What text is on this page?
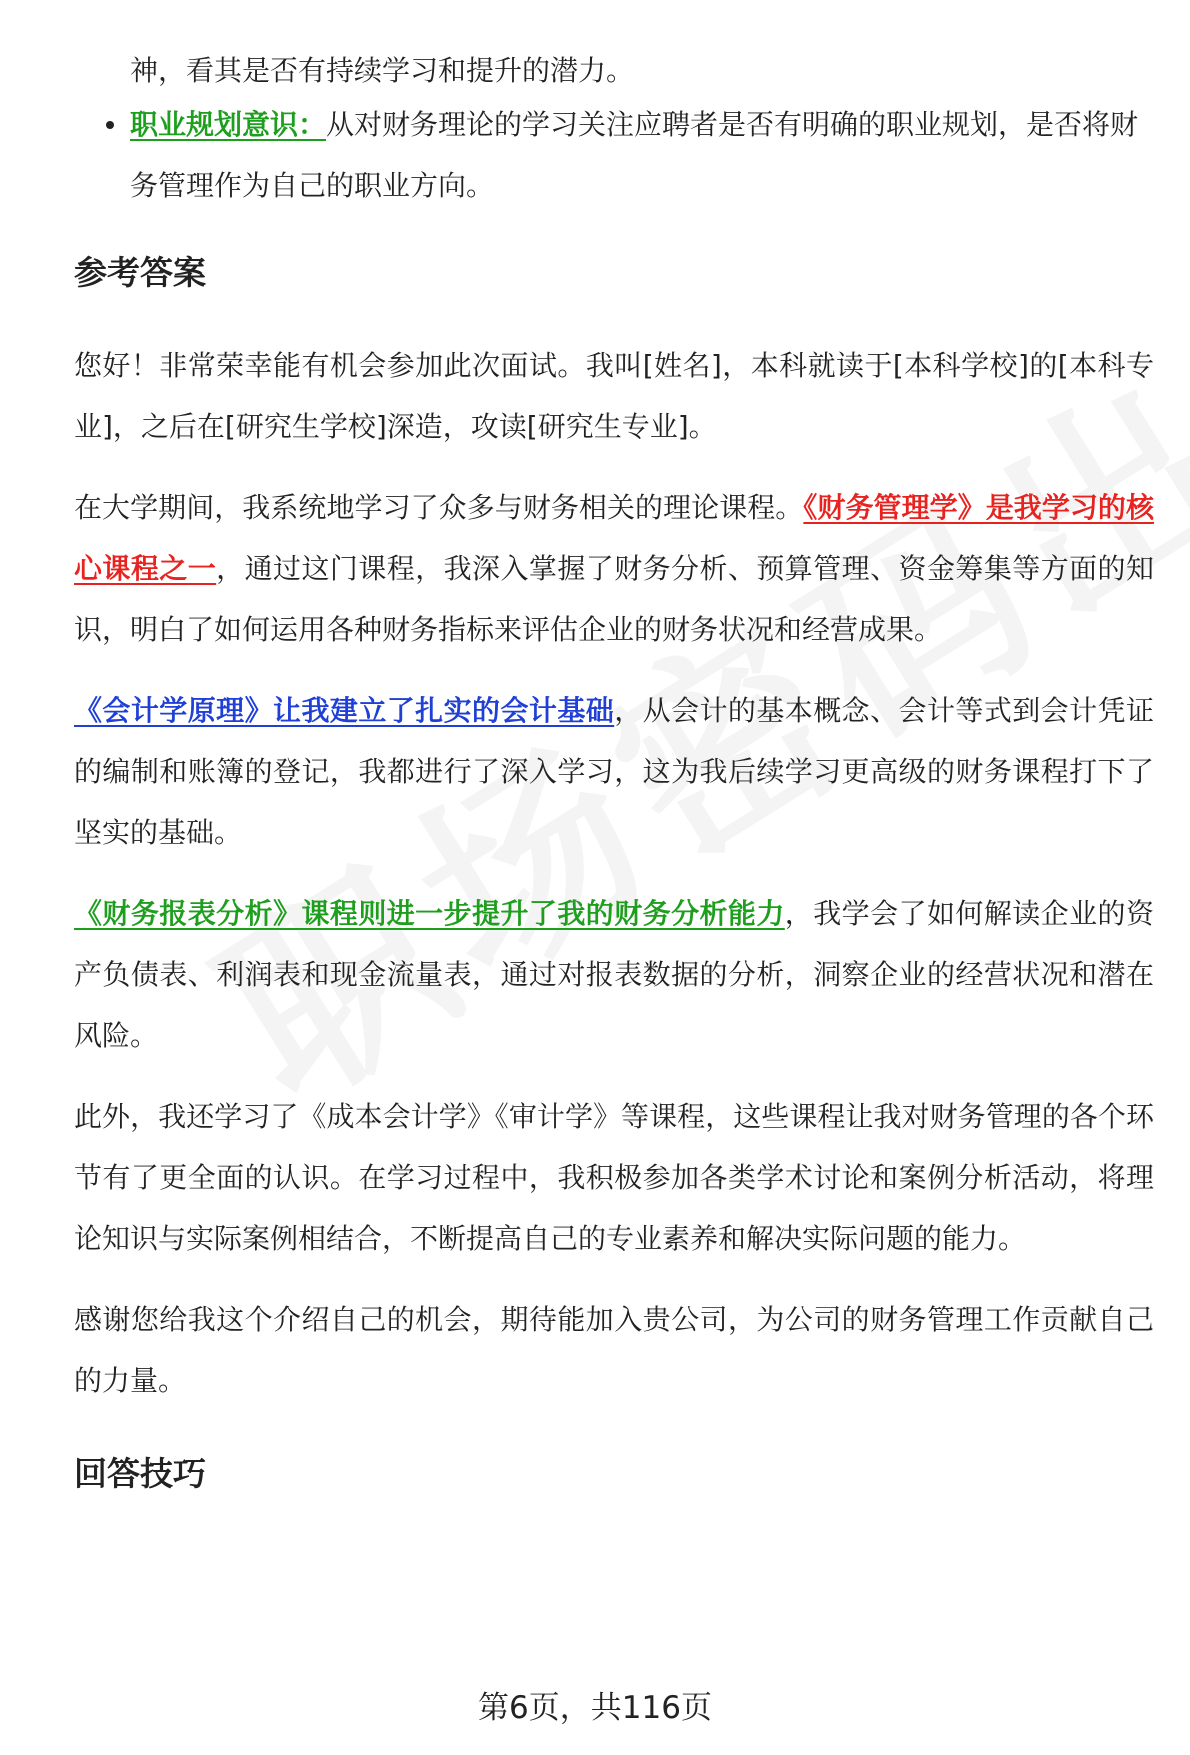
神，看其是否有持续学习和提升的潜力。

职业规划意识：从对财务理论的学习关注应聘者是否有明确的职业规划，是否将财务管理作为自己的职业方向。

参考答案

您好！非常荣幸能有机会参加此次面试。我叫[姓名]，本科就读于[本科学校]的[本科专业]，之后在[研究生学校]深造，攻读[研究生专业]。

在大学期间，我系统地学习了众多与财务相关的理论课程。《财务管理学》是我学习的核心课程之一，通过这门课程，我深入掌握了财务分析、预算管理、资金筹集等方面的知识，明白了如何运用各种财务指标来评估企业的财务状况和经营成果。

《会计学原理》让我建立了扎实的会计基础，从会计的基本概念、会计等式到会计凭证的编制和账簿的登记，我都进行了深入学习，这为我后续学习更高级的财务课程打下了坚实的基础。

《财务报表分析》课程则进一步提升了我的财务分析能力，我学会了如何解读企业的资产负债表、利润表和现金流量表，通过对报表数据的分析，洞察企业的经营状况和潜在风险。

此外，我还学习了《成本会计学》《审计学》等课程，这些课程让我对财务管理的各个环节有了更全面的认识。在学习过程中，我积极参加各类学术讨论和案例分析活动，将理论知识与实际案例相结合，不断提高自己的专业素养和解决实际问题的能力。

感谢您给我这个介绍自己的机会，期待能加入贵公司，为公司的财务管理工作贡献自己的力量。

回答技巧
第6页，共116页
